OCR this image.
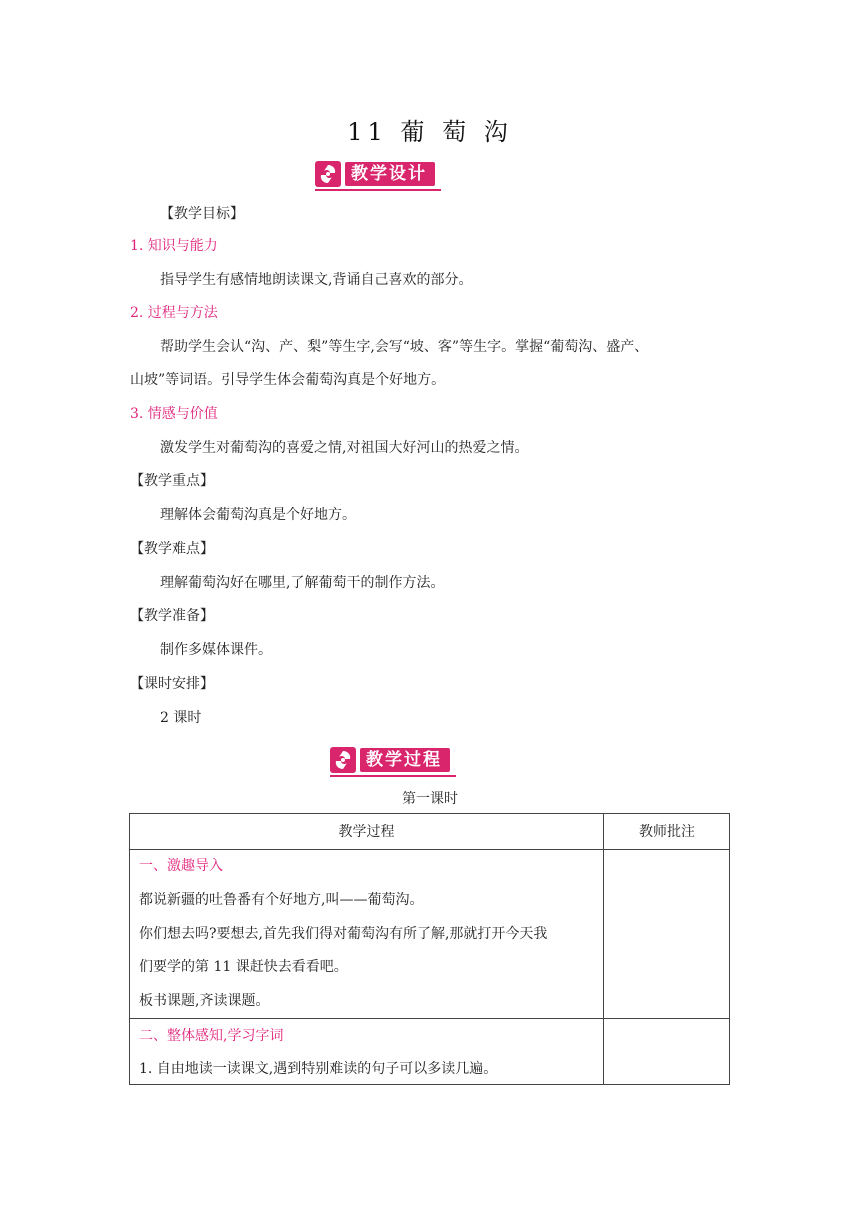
11 葡 萄 沟
教学设计
【教学目标】
1. 知识与能力
指导学生有感情地朗读课文,背诵自己喜欢的部分。
2. 过程与方法
帮助学生会认“沟、产、梨”等生字,会写“坡、客”等生字。掌握“葡萄沟、盛产、
山坡”等词语。引导学生体会葡萄沟真是个好地方。
3. 情感与价值
激发学生对葡萄沟的喜爱之情,对祖国大好河山的热爱之情。
【教学重点】
理解体会葡萄沟真是个好地方。
【教学难点】
理解葡萄沟好在哪里,了解葡萄干的制作方法。
【教学准备】
制作多媒体课件。
【课时安排】
2 课时
教学过程
第一课时
教学过程	教师批注
一、激趣导入
都说新疆的吐鲁番有个好地方,叫——葡萄沟。
你们想去吗?要想去,首先我们得对葡萄沟有所了解,那就打开今天我
们要学的第 11 课赶快去看看吧。
板书课题,齐读课题。
二、整体感知,学习字词
1. 自由地读一读课文,遇到特别难读的句子可以多读几遍。
